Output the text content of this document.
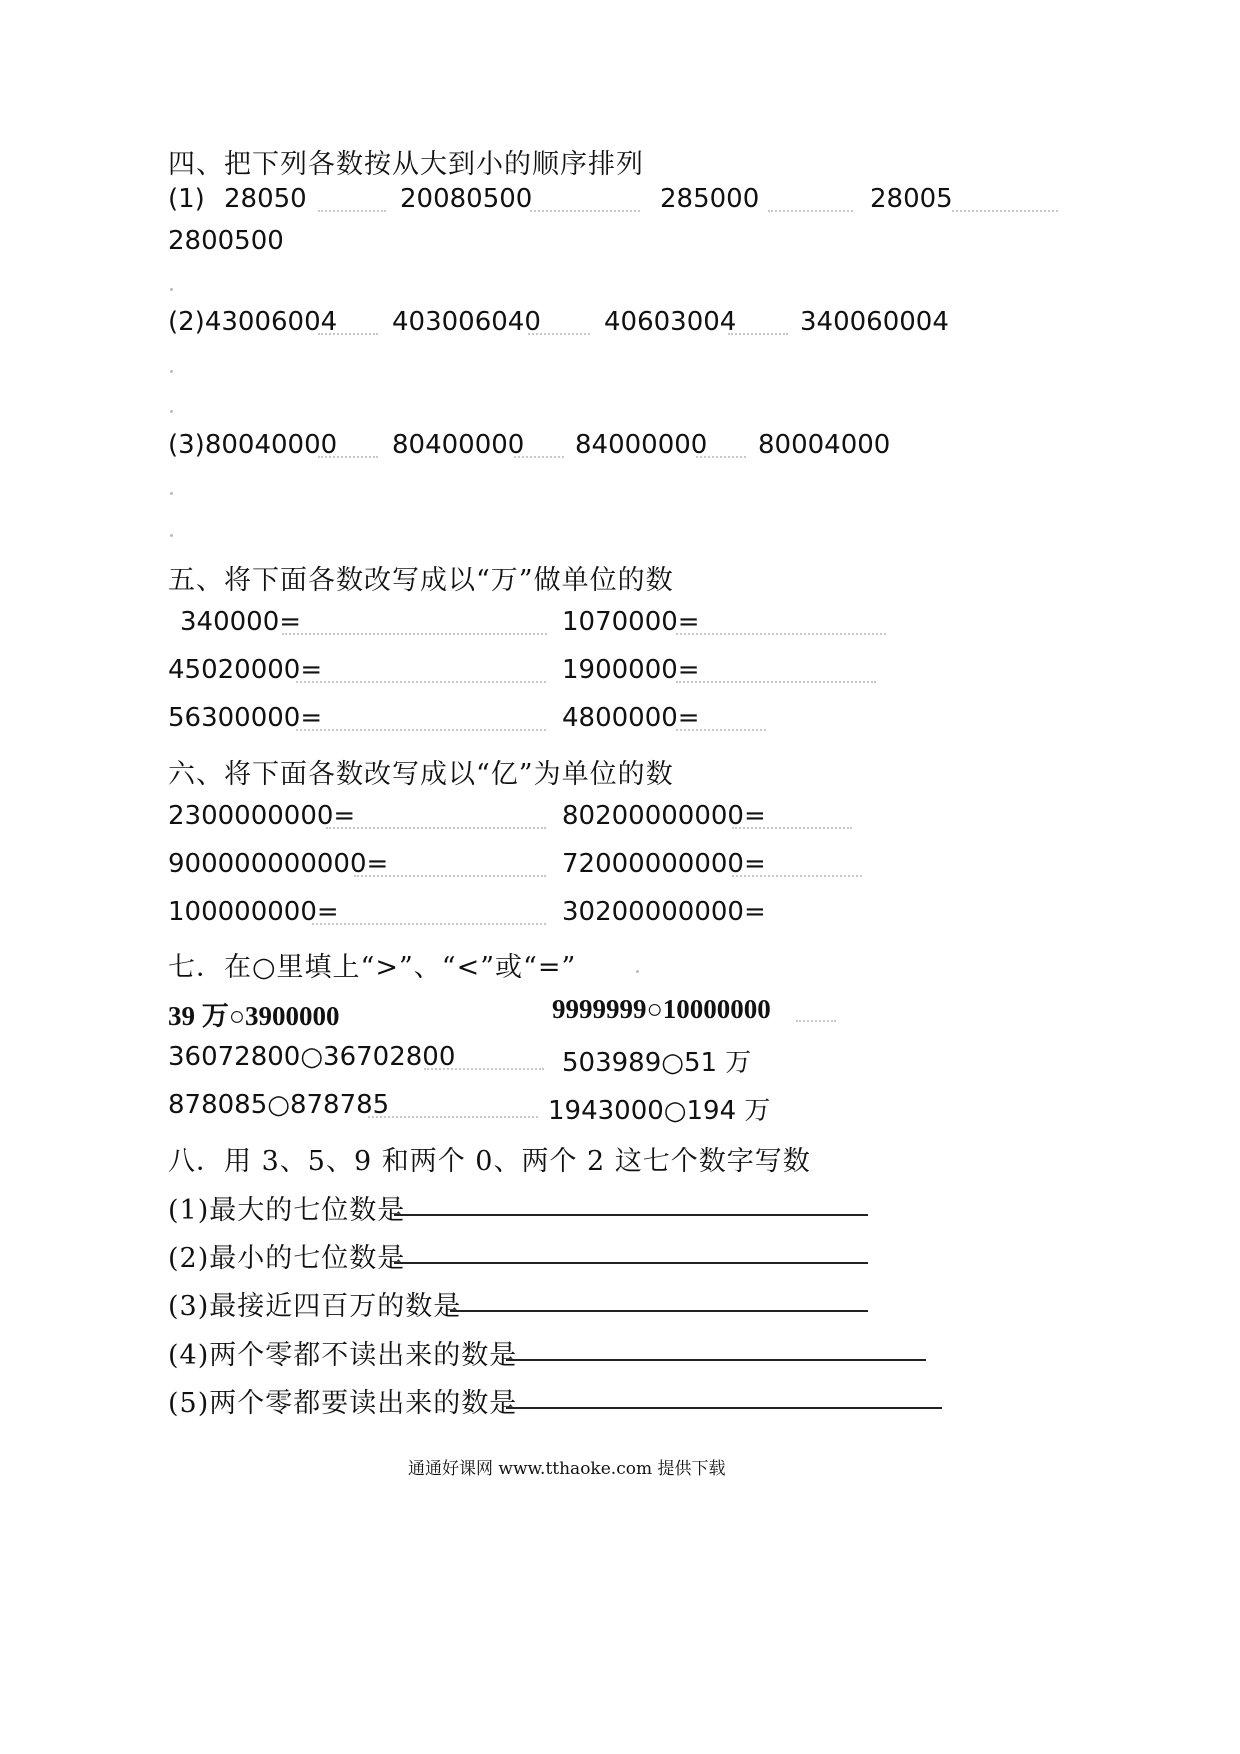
四、把下列各数按从大到小的顺序排列
(1) 28050	20080500	285000	28005
2800500
(2)43006004 403006040 40603004 340060004
(3)80040000 80400000 84000000 80004000
五、将下面各数改写成以“万”做单位的数
340000=	1070000=
45020000=	1900000=
56300000=	4800000=
六、将下面各数改写成以“亿”为单位的数
2300000000=	80200000000=
900000000000=	72000000000=
100000000=	30200000000=
七．在○里填上“>”、“<”或“=”
39 万○3900000	9999999○10000000
36072800○36702800	503989○51 万
878085○878785	1943000○194 万
八．用 3、5、9 和两个 0、两个 2 这七个数字写数
(1)最大的七位数是
(2)最小的七位数是
(3)最接近四百万的数是
(4)两个零都不读出来的数是
(5)两个零都要读出来的数是
通通好课网 www.tthaoke.com 提供下载
